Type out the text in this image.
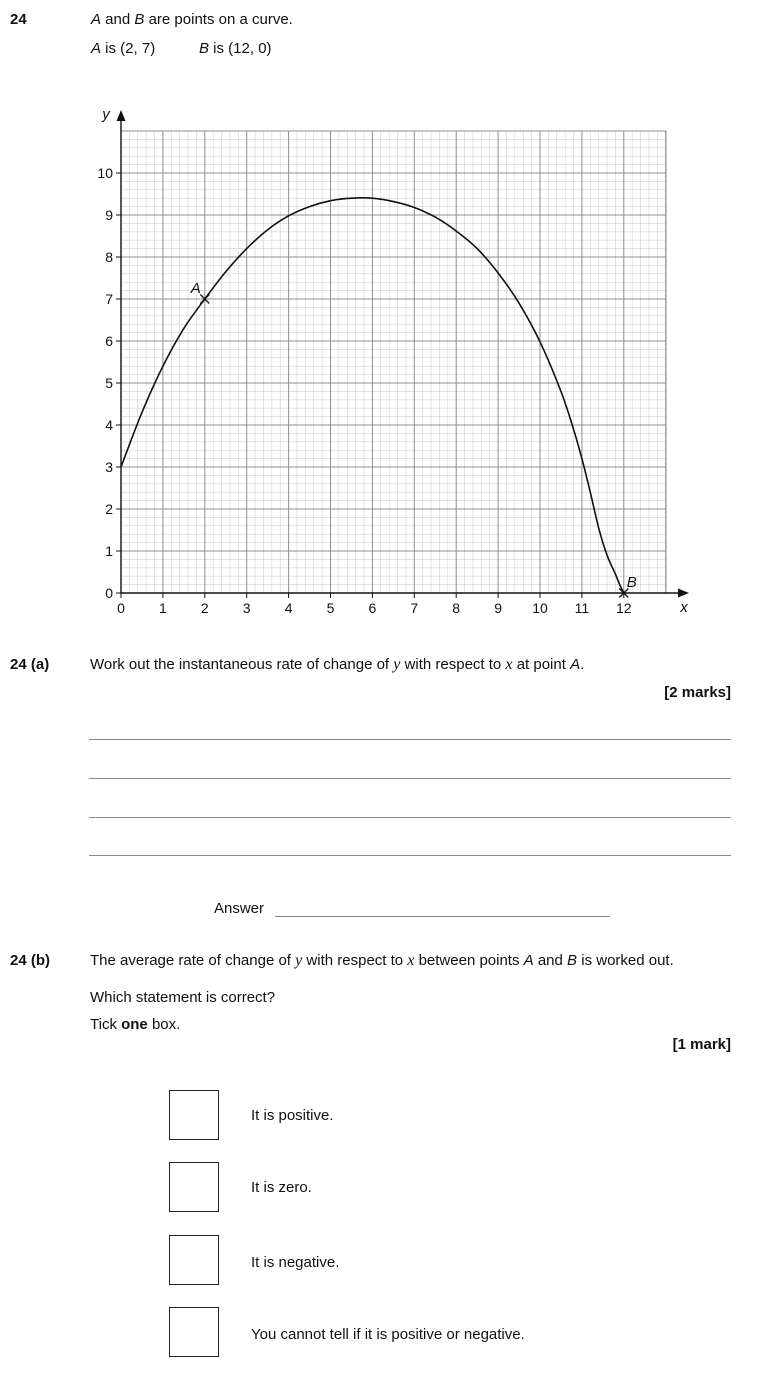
24	A and B are points on a curve.
A is (2, 7)	B is (12, 0)
0 1 2 3 4 5 6 7 8 9 10 11 12
0
1
2
3
4
5
6
7
8
9
10
x
y
A
B
24 (a)	Work out the instantaneous rate of change of y with respect to x at point A.
[2 marks]
Answer
24 (b)	The average rate of change of y with respect to x between points A and B is worked out.
Which statement is correct?
Tick one box.
[1 mark]
It is positive.
It is zero.
It is negative.
You cannot tell if it is positive or negative.
